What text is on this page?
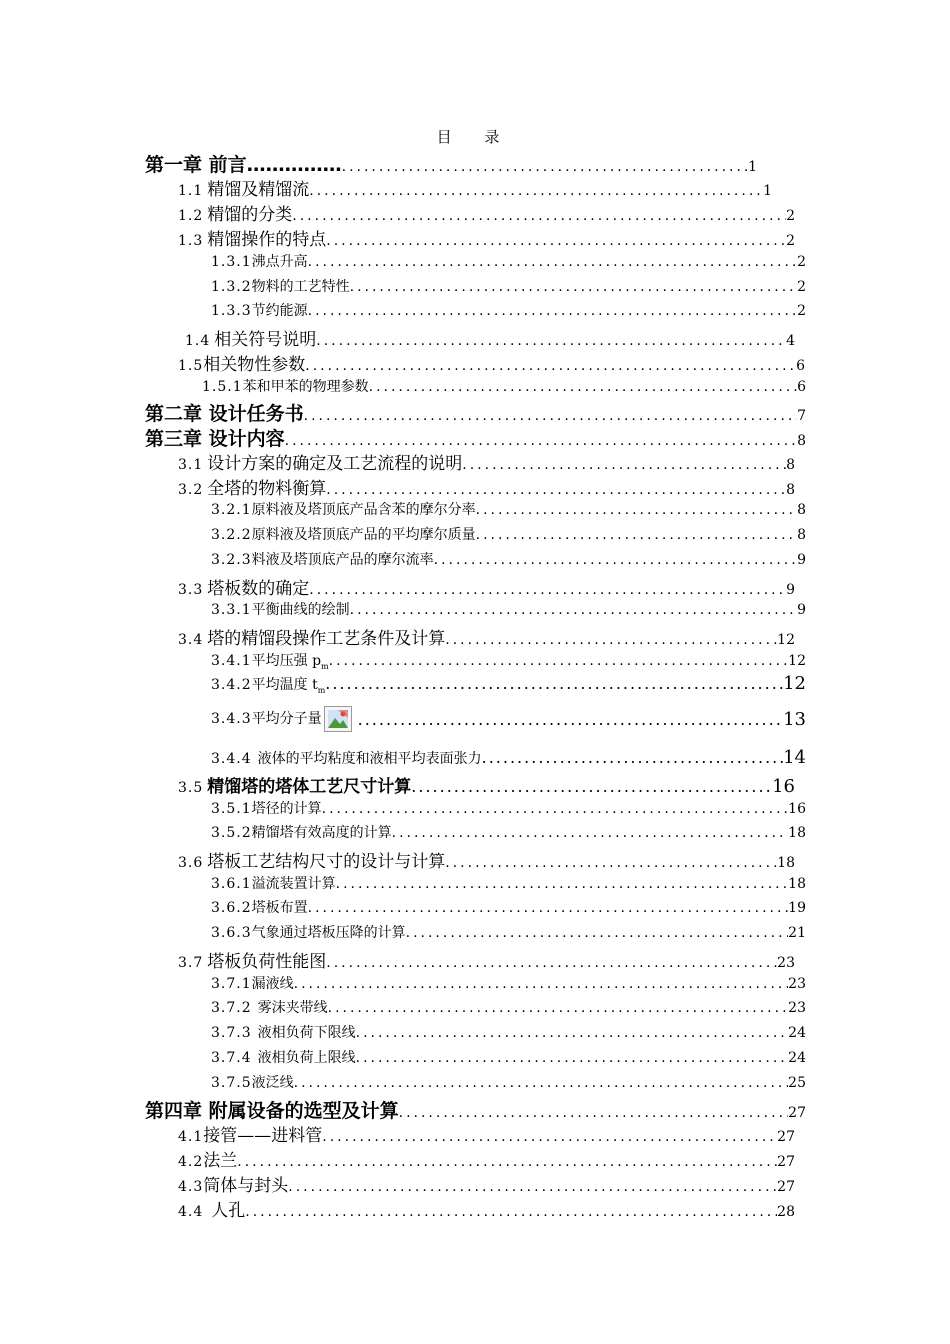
目 录
第一章 前言…………… .....	1
1.1 精馏及精馏流 .....	1
1.2 精馏的分类 .....	2
1.3 精馏操作的特点 .....	2
1.3.1沸点升高 .....	2
1.3.2物料的工艺特性 .....	2
1.3.3节约能源 .....	2
1.4 相关符号说明 .....	4
1.5相关物性参数 .....	6
1.5.1苯和甲苯的物理参数 .....	6
第二章 设计任务书 .....	7
第三章 设计内容 .....	8
3.1 设计方案的确定及工艺流程的说明 .....	8
3.2 全塔的物料衡算 .....	8
3.2.1原料液及塔顶底产品含苯的摩尔分率 .....	8
3.2.2原料液及塔顶底产品的平均摩尔质量 .....	8
3.2.3料液及塔顶底产品的摩尔流率 .....	9
3.3 塔板数的确定 .....	9
3.3.1平衡曲线的绘制 .....	9
3.4 塔的精馏段操作工艺条件及计算 .....	12
3.4.1平均压强 $p_m$ .....	12
3.4.2平均温度 $t_m$ .....	12
3.4.3平均分子量 .....	13
3.4.4 液体的平均粘度和液相平均表面张力 .....	14
3.5 精馏塔的塔体工艺尺寸计算 .....	16
3.5.1塔径的计算 .....	16
3.5.2精馏塔有效高度的计算 .....	18
3.6 塔板工艺结构尺寸的设计与计算 .....	18
3.6.1溢流装置计算 .....	18
3.6.2塔板布置 .....	19
3.6.3气象通过塔板压降的计算 .....	21
3.7 塔板负荷性能图 .....	23
3.7.1漏液线 .....	23
3.7.2 雾沫夹带线 .....	23
3.7.3 液相负荷下限线 .....	24
3.7.4 液相负荷上限线 .....	24
3.7.5液泛线 .....	25
第四章 附属设备的选型及计算 .....	27
4.1接管——进料管 .....	27
4.2法兰 .....	27
4.3筒体与封头 .....	27
4.4 人孔 .....	28
